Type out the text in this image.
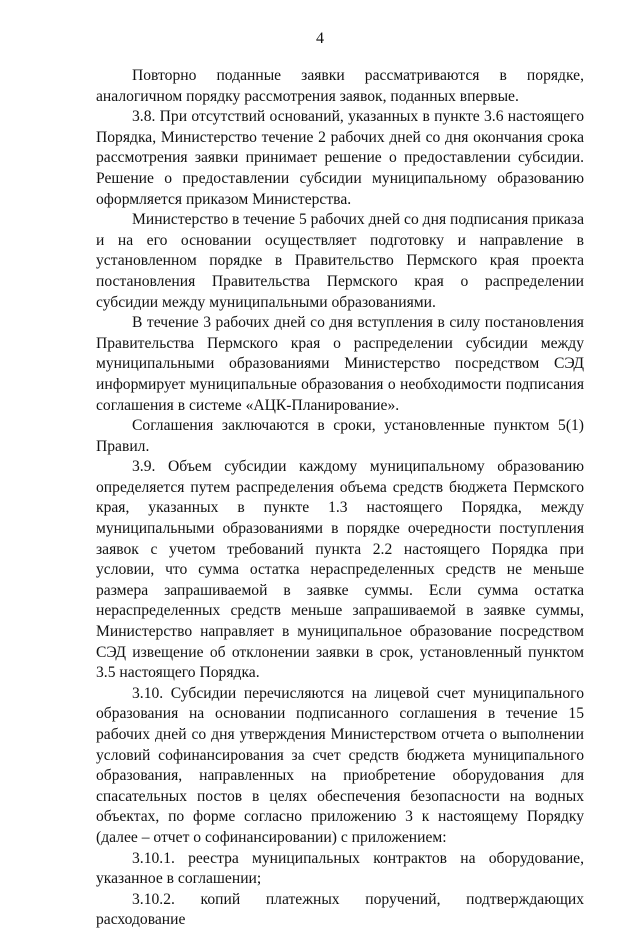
4

Повторно поданные заявки рассматриваются в порядке, аналогичном порядку рассмотрения заявок, поданных впервые.

3.8. При отсутствий оснований, указанных в пункте 3.6 настоящего Порядка, Министерство течение 2 рабочих дней со дня окончания срока рассмотрения заявки принимает решение о предоставлении субсидии. Решение о предоставлении субсидии муниципальному образованию оформляется приказом Министерства.

Министерство в течение 5 рабочих дней со дня подписания приказа и на его основании осуществляет подготовку и направление в установленном порядке в Правительство Пермского края проекта постановления Правительства Пермского края о распределении субсидии между муниципальными образованиями.

В течение 3 рабочих дней со дня вступления в силу постановления Правительства Пермского края о распределении субсидии между муниципальными образованиями Министерство посредством СЭД информирует муниципальные образования о необходимости подписания соглашения в системе «АЦК-Планирование».

Соглашения заключаются в сроки, установленные пунктом 5(1) Правил.

3.9. Объем субсидии каждому муниципальному образованию определяется путем распределения объема средств бюджета Пермского края, указанных в пункте 1.3 настоящего Порядка, между муниципальными образованиями в порядке очередности поступления заявок с учетом требований пункта 2.2 настоящего Порядка при условии, что сумма остатка нераспределенных средств не меньше размера запрашиваемой в заявке суммы. Если сумма остатка нераспределенных средств меньше запрашиваемой в заявке суммы, Министерство направляет в муниципальное образование посредством СЭД извещение об отклонении заявки в срок, установленный пунктом 3.5 настоящего Порядка.

3.10. Субсидии перечисляются на лицевой счет муниципального образования на основании подписанного соглашения в течение 15 рабочих дней со дня утверждения Министерством отчета о выполнении условий софинансирования за счет средств бюджета муниципального образования, направленных на приобретение оборудования для спасательных постов в целях обеспечения безопасности на водных объектах, по форме согласно приложению 3 к настоящему Порядку (далее – отчет о софинансировании) с приложением:

3.10.1. реестра муниципальных контрактов на оборудование, указанное в соглашении;

3.10.2. копий платежных поручений, подтверждающих расходование
